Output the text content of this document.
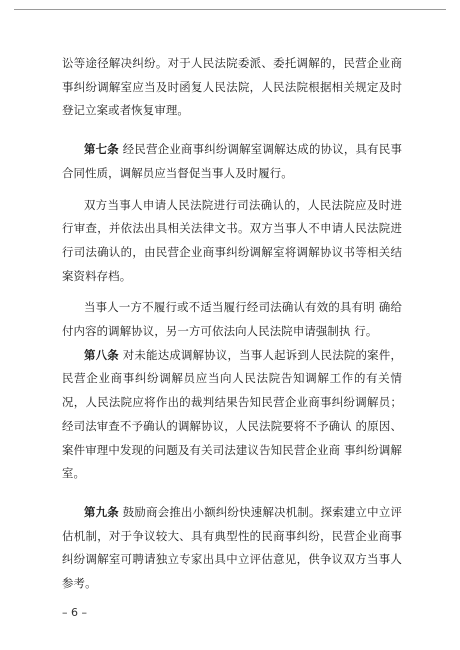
讼等途径解决纠纷。对于人民法院委派、委托调解的，民营企业商事纠纷调解室应当及时函复人民法院，人民法院根据相关规定及时登记立案或者恢复审理。

第七条 经民营企业商事纠纷调解室调解达成的协议，具有民事合同性质，调解员应当督促当事人及时履行。

双方当事人申请人民法院进行司法确认的，人民法院应及时进行审查，并依法出具相关法律文书。双方当事人不申请人民法院进行司法确认的，由民营企业商事纠纷调解室将调解协议书等相关结案资料存档。

当事人一方不履行或不适当履行经司法确认有效的具有明 确给付内容的调解协议，另一方可依法向人民法院申请强制执 行。

第八条 对未能达成调解协议，当事人起诉到人民法院的案件，民营企业商事纠纷调解员应当向人民法院告知调解工作的有关情况，人民法院应将作出的裁判结果告知民营企业商事纠纷调解员；经司法审查不予确认的调解协议，人民法院要将不予确认 的原因、案件审理中发现的问题及有关司法建议告知民营企业商 事纠纷调解室。

第九条 鼓励商会推出小额纠纷快速解决机制。探索建立中立评估机制，对于争议较大、具有典型性的民商事纠纷，民营企业商事纠纷调解室可聘请独立专家出具中立评估意见，供争议双方当事人参考。

– 6 –
